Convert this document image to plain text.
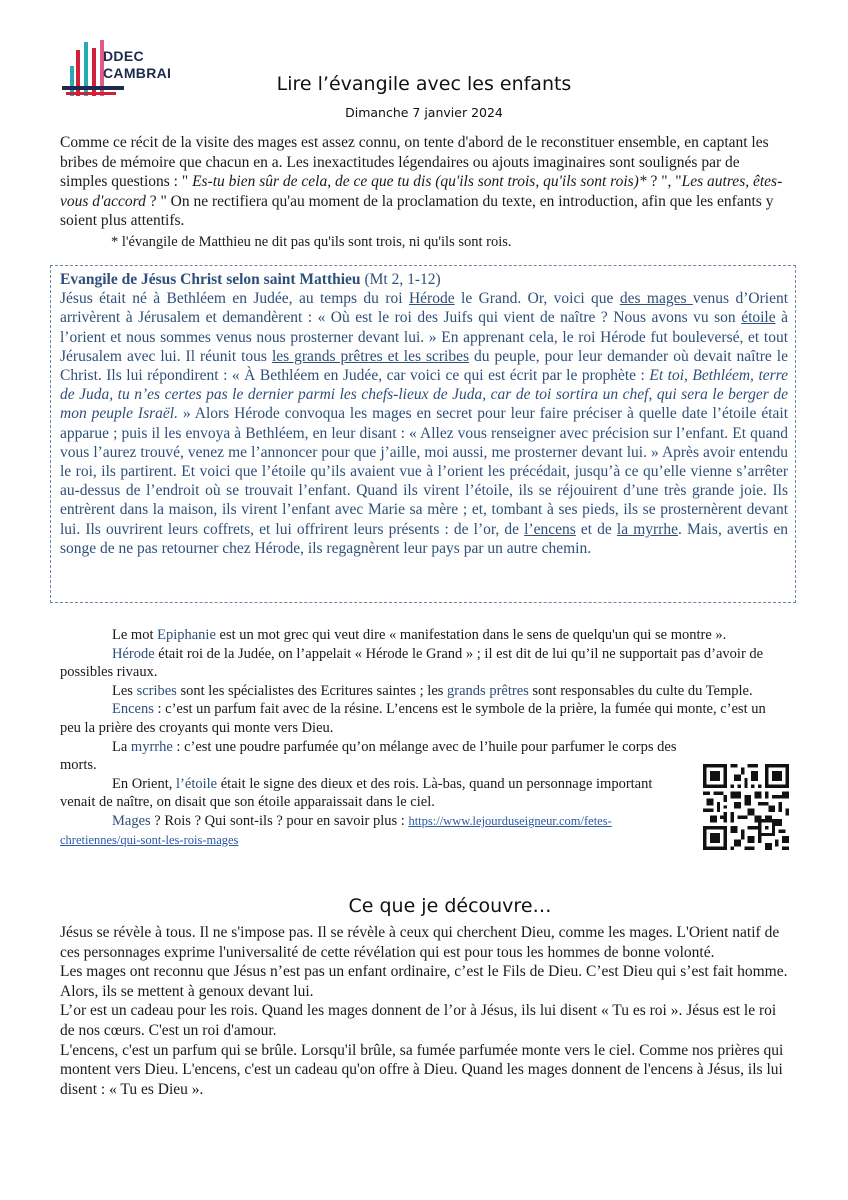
DDEC
CAMBRAI	Lire l’évangile avec les enfants
Dimanche 7 janvier 2024
Comme ce récit de la visite des mages est assez connu, on tente d'abord de le reconstituer ensemble, en captant les bribes de mémoire que chacun en a. Les inexactitudes légendaires ou ajouts imaginaires sont soulignés par de simples questions : " Es-tu bien sûr de cela, de ce que tu dis (qu'ils sont trois, qu'ils sont rois)* ? ", "Les autres, êtes-vous d'accord ? " On ne rectifiera qu'au moment de la proclamation du texte, en introduction, afin que les enfants y soient plus attentifs.
* l'évangile de Matthieu ne dit pas qu'ils sont trois, ni qu'ils sont rois.
Evangile de Jésus Christ selon saint Matthieu (Mt 2, 1-12)
Jésus était né à Bethléem en Judée, au temps du roi Hérode le Grand. Or, voici que des mages venus d’Orient arrivèrent à Jérusalem et demandèrent : « Où est le roi des Juifs qui vient de naître ? Nous avons vu son étoile à l’orient et nous sommes venus nous prosterner devant lui. » En apprenant cela, le roi Hérode fut bouleversé, et tout Jérusalem avec lui. Il réunit tous les grands prêtres et les scribes du peuple, pour leur demander où devait naître le Christ. Ils lui répondirent : « À Bethléem en Judée, car voici ce qui est écrit par le prophète : Et toi, Bethléem, terre de Juda, tu n’es certes pas le dernier parmi les chefs-lieux de Juda, car de toi sortira un chef, qui sera le berger de mon peuple Israël. » Alors Hérode convoqua les mages en secret pour leur faire préciser à quelle date l’étoile était apparue ; puis il les envoya à Bethléem, en leur disant : « Allez vous renseigner avec précision sur l’enfant. Et quand vous l’aurez trouvé, venez me l’annoncer pour que j’aille, moi aussi, me prosterner devant lui. » Après avoir entendu le roi, ils partirent. Et voici que l’étoile qu’ils avaient vue à l’orient les précédait, jusqu’à ce qu’elle vienne s’arrêter au-dessus de l’endroit où se trouvait l’enfant. Quand ils virent l’étoile, ils se réjouirent d’une très grande joie. Ils entrèrent dans la maison, ils virent l’enfant avec Marie sa mère ; et, tombant à ses pieds, ils se prosternèrent devant lui. Ils ouvrirent leurs coffrets, et lui offrirent leurs présents : de l’or, de l’encens et de la myrrhe. Mais, avertis en songe de ne pas retourner chez Hérode, ils regagnèrent leur pays par un autre chemin.

Le mot Epiphanie est un mot grec qui veut dire « manifestation dans le sens de quelqu'un qui se montre ».

Hérode était roi de la Judée, on l’appelait « Hérode le Grand » ; il est dit de lui qu’il ne supportait pas d’avoir de possibles rivaux.

Les scribes sont les spécialistes des Ecritures saintes ; les grands prêtres sont responsables du culte du Temple.

Encens : c’est un parfum fait avec de la résine. L’encens est le symbole de la prière, la fumée qui monte, c’est un peu la prière des croyants qui monte vers Dieu.

La myrrhe : c’est une poudre parfumée qu’on mélange avec de l’huile pour parfumer le corps des morts.

En Orient, l’étoile était le signe des dieux et des rois. Là-bas, quand un personnage important venait de naître, on disait que son étoile apparaissait dans le ciel.

Mages ? Rois ? Qui sont-ils ? pour en savoir plus : https://www.lejourduseigneur.com/fetes-chretiennes/qui-sont-les-rois-mages

Ce que je découvre…

Jésus se révèle à tous. Il ne s'impose pas. Il se révèle à ceux qui cherchent Dieu, comme les mages. L'Orient natif de ces personnages exprime l'universalité de cette révélation qui est pour tous les hommes de bonne volonté.

Les mages ont reconnu que Jésus n’est pas un enfant ordinaire, c’est le Fils de Dieu. C’est Dieu qui s’est fait homme. Alors, ils se mettent à genoux devant lui.

L’or est un cadeau pour les rois. Quand les mages donnent de l’or à Jésus, ils lui disent « Tu es roi ». Jésus est le roi de nos cœurs. C'est un roi d'amour.

L'encens, c'est un parfum qui se brûle. Lorsqu'il brûle, sa fumée parfumée monte vers le ciel. Comme nos prières qui montent vers Dieu. L'encens, c'est un cadeau qu'on offre à Dieu. Quand les mages donnent de l'encens à Jésus, ils lui disent : « Tu es Dieu ».
